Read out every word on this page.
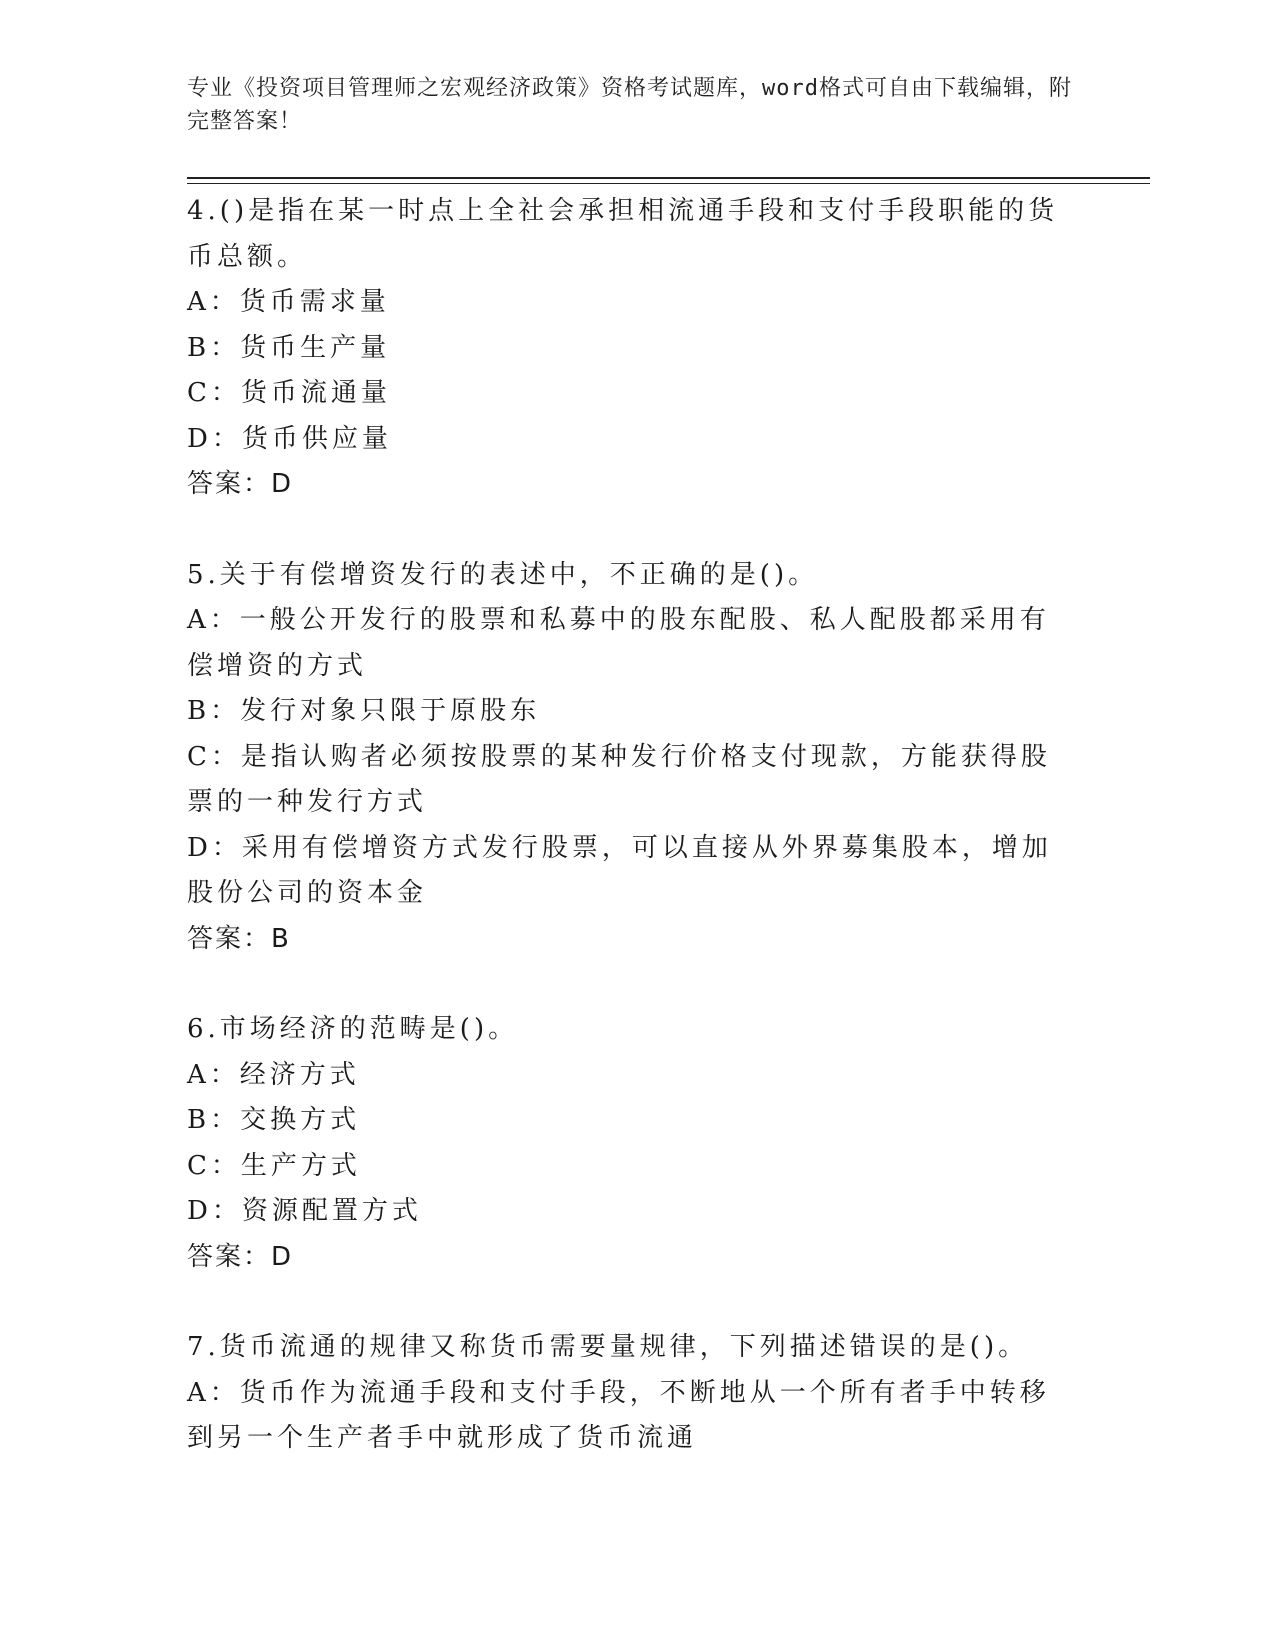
专业《投资项目管理师之宏观经济政策》资格考试题库，word格式可自由下载编辑，附完整答案！
4.()是指在某一时点上全社会承担相流通手段和支付手段职能的货币总额。
A：货币需求量
B：货币生产量
C：货币流通量
D：货币供应量
答案：D
5.关于有偿增资发行的表述中，不正确的是()。
A：一般公开发行的股票和私募中的股东配股、私人配股都采用有偿增资的方式
B：发行对象只限于原股东
C：是指认购者必须按股票的某种发行价格支付现款，方能获得股票的一种发行方式
D：采用有偿增资方式发行股票，可以直接从外界募集股本，增加股份公司的资本金
答案：B
6.市场经济的范畴是()。
A：经济方式
B：交换方式
C：生产方式
D：资源配置方式
答案：D
7.货币流通的规律又称货币需要量规律，下列描述错误的是()。
A：货币作为流通手段和支付手段，不断地从一个所有者手中转移到另一个生产者手中就形成了货币流通
